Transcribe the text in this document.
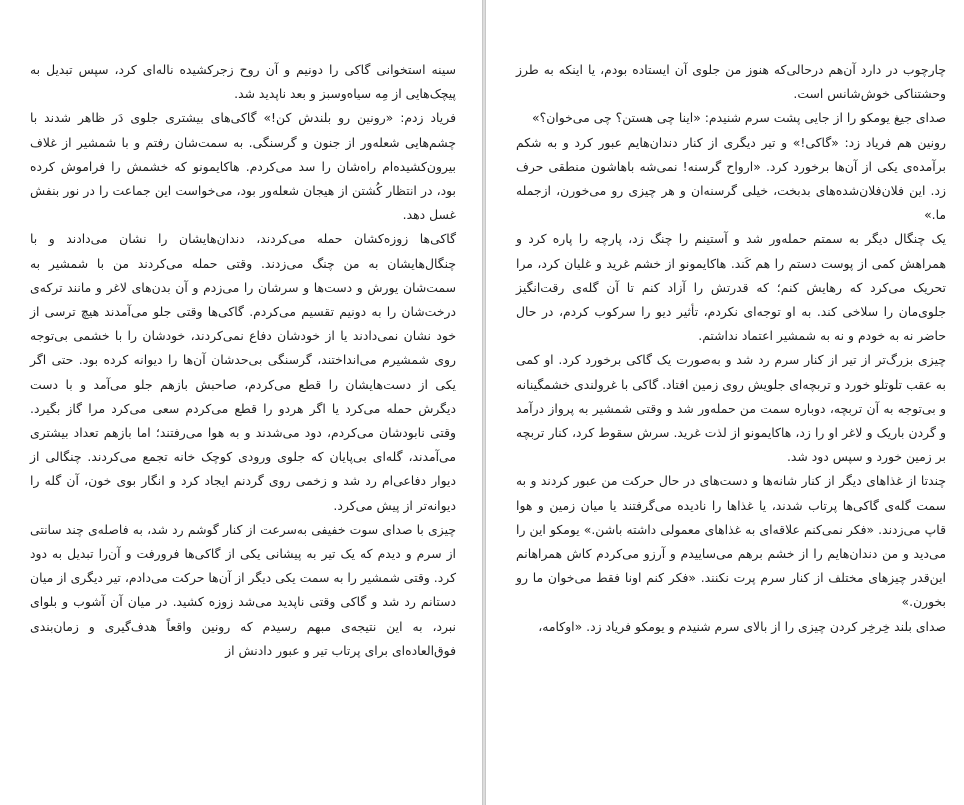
سینه استخوانی گاکی را دونیم و آن روح زجرکشیده ناله‌ای کرد، سپس تبدیل به پیچک‌هایی از مِه سیاه‌وسبز و بعد ناپدید شد.

فریاد زدم: «رونین رو بلندش کن!» گاکی‌های بیشتری جلوی دَر ظاهر شدند با چشم‌هایی شعله‌ور از جنون و گرسنگی. به سمت‌شان رفتم و با شمشیر از غلاف بیرون‌کشیده‌ام راه‌شان را سد می‌کردم. هاکایمونو که خشمش را فراموش کرده بود، در انتظار کُشتن از هیجان شعله‌ور بود، می‌خواست این جماعت را در نور بنفش غسل دهد.

گاکی‌ها زوزه‌کشان حمله می‌کردند، دندان‌هایشان را نشان می‌دادند و با چنگال‌هایشان به من چنگ می‌زدند. وقتی حمله می‌کردند من با شمشیر به سمت‌شان یورش و دست‌ها و سرشان را می‌زدم و آن بدن‌های لاغر و مانند ترکه‌ی درخت‌شان را به دونیم تقسیم می‌کردم. گاکی‌ها وقتی جلو می‌آمدند هیچ ترسی از خود نشان نمی‌دادند یا از خودشان دفاع نمی‌کردند، خودشان را با خشمی بی‌توجه روی شمشیرم می‌انداختند، گرسنگی بی‌حدشان آن‌ها را دیوانه کرده بود. حتی اگر یکی از دست‌هایشان را قطع می‌کردم، صاحبش بازهم جلو می‌آمد و با دست دیگرش حمله می‌کرد یا اگر هردو را قطع می‌کردم سعی می‌کرد مرا گاز بگیرد. وقتی نابودشان می‌کردم، دود می‌شدند و به هوا می‌رفتند؛ اما بازهم تعداد بیشتری می‌آمدند، گله‌ای بی‌پایان که جلوی ورودی کوچک خانه تجمع می‌کردند. چنگالی از دیوار دفاعی‌ام رد شد و زخمی روی گردنم ایجاد کرد و انگار بوی خون، آن گله را دیوانه‌تر از پیش می‌کرد.

چیزی با صدای سوت خفیفی به‌سرعت از کنار گوشم رد شد، به فاصله‌ی چند سانتی از سرم و دیدم که یک تیر به پیشانی یکی از گاکی‌ها فرورفت و آن‌را تبدیل به دود کرد. وقتی شمشیر را به سمت یکی دیگر از آن‌ها حرکت می‌دادم، تیر دیگری از میان دستانم رد شد و گاکی وقتی ناپدید می‌شد زوزه کشید. در میان آن آشوب و بلوای نبرد، به این نتیجه‌ی مبهم رسیدم که رونین واقعاً هدف‌گیری و زمان‌بندی فوق‌العاده‌ای برای پرتاب تیر و عبور دادنش از

چارچوب در دارد آن‌هم درحالی‌که هنوز من جلوی آن ایستاده بودم، یا اینکه به طرز وحشتناکی خوش‌شانس است.

صدای جیغ یومکو را از جایی پشت سرم شنیدم: «اینا چی هستن؟ چی می‌خوان؟»

رونین هم فریاد زد: «گاکی!» و تیر دیگری از کنار دندان‌هایم عبور کرد و به شکم برآمده‌ی یکی از آن‌ها برخورد کرد. «ارواح گرسنه! نمی‌شه باهاشون منطقی حرف زد. این فلان‌فلان‌شده‌های بدبخت، خیلی گرسنه‌ان و هر چیزی رو می‌خورن، ازجمله ما.»

یک چنگال دیگر به سمتم حمله‌ور شد و آستینم را چنگ زد، پارچه را پاره کرد و همراهش کمی از پوست دستم را هم کَند. هاکایمونو از خشم غرید و غلیان کرد، مرا تحریک می‌کرد که رهایش کنم؛ که قدرتش را آزاد کنم تا آن گله‌ی رقت‌انگیز جلوی‌مان را سلاخی کند. به او توجه‌ای نکردم، تأثیر دیو را سرکوب کردم، در حال حاضر نه به خودم و نه به شمشیر اعتماد نداشتم.

چیزی بزرگ‌تر از تیر از کنار سرم رد شد و به‌صورت یک گاکی برخورد کرد. او کمی به عقب تلوتلو خورد و تربچه‌ای جلویش روی زمین افتاد. گاکی با غرولندی خشمگینانه و بی‌توجه به آن تربچه، دوباره سمت من حمله‌ور شد و وقتی شمشیر به پرواز درآمد و گردن باریک و لاغر او را زد، هاکایمونو از لذت غرید. سرش سقوط کرد، کنار تربچه بر زمین خورد و سپس دود شد.

چندتا از غذاهای دیگر از کنار شانه‌ها و دست‌های در حال حرکت من عبور کردند و به سمت گله‌ی گاکی‌ها پرتاب شدند، یا غذاها را نادیده می‌گرفتند یا میان زمین و هوا قاپ می‌زدند. «فکر نمی‌کنم علاقه‌ای به غذاهای معمولی داشته باشن.» یومکو این را می‌دید و من دندان‌هایم را از خشم برهم می‌ساییدم و آرزو می‌کردم کاش همراهانم این‌قدر چیزهای مختلف از کنار سرم پرت نکنند. «فکر کنم اونا فقط می‌خوان ما رو بخورن.»

صدای بلند خِرخِر کردن چیزی را از بالای سرم شنیدم و یومکو فریاد زد. «اوکامه،
